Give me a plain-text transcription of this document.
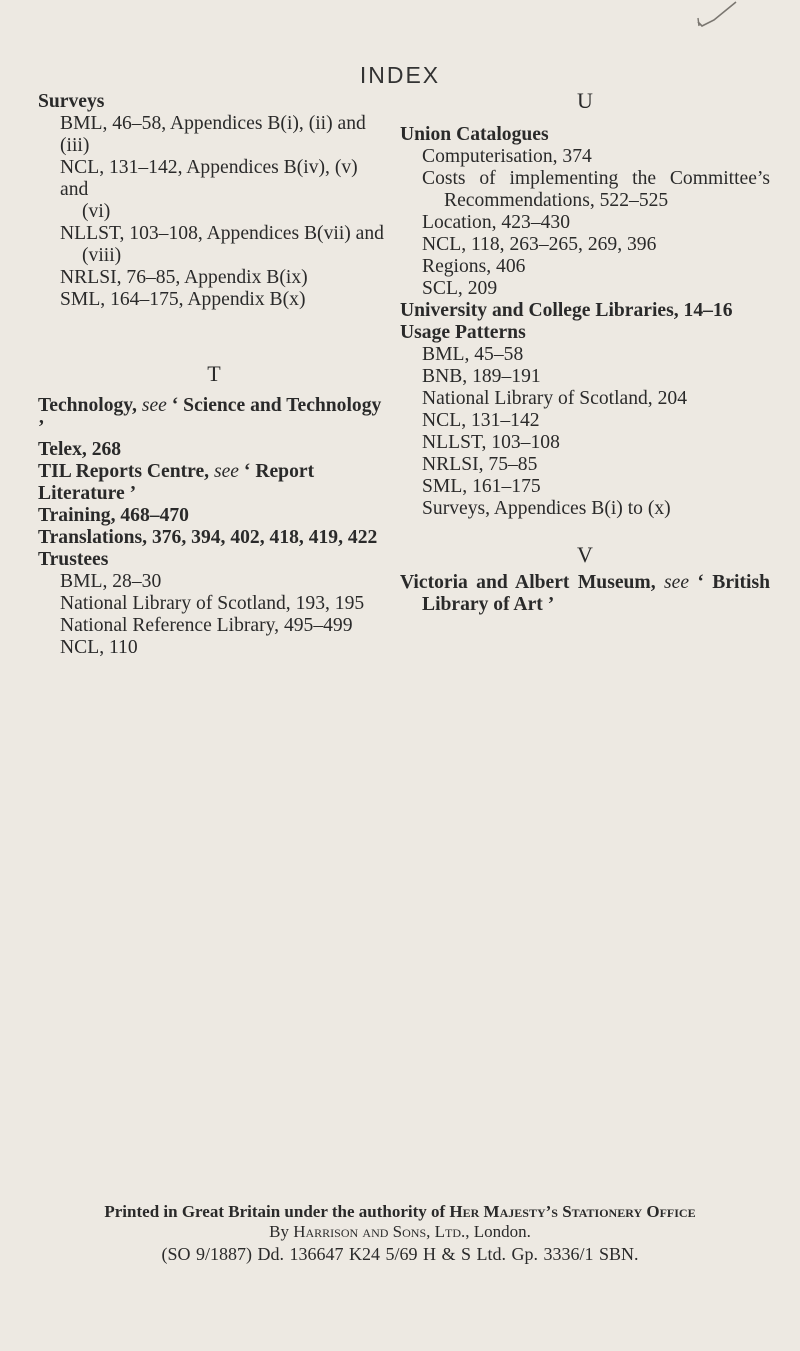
INDEX
Surveys
BML, 46–58, Appendices B(i), (ii) and (iii)
NCL, 131–142, Appendices B(iv), (v) and
(vi)
NLLST, 103–108, Appendices B(vii) and
(viii)
NRLSI, 76–85, Appendix B(ix)
SML, 164–175, Appendix B(x)
T
Technology, see ‘ Science and Technology ’
Telex, 268
TIL Reports Centre, see ‘ Report Literature ’
Training, 468–470
Translations, 376, 394, 402, 418, 419, 422
Trustees
BML, 28–30
National Library of Scotland, 193, 195
National Reference Library, 495–499
NCL, 110
U
Union Catalogues
Computerisation, 374
Costs of implementing the Committee’s
Recommendations, 522–525
Location, 423–430
NCL, 118, 263–265, 269, 396
Regions, 406
SCL, 209
University and College Libraries, 14–16
Usage Patterns
BML, 45–58
BNB, 189–191
National Library of Scotland, 204
NCL, 131–142
NLLST, 103–108
NRLSI, 75–85
SML, 161–175
Surveys, Appendices B(i) to (x)
V
Victoria and Albert Museum, see ‘ British
Library of Art ’
Printed in Great Britain under the authority of Her Majesty’s Stationery Office
By Harrison and Sons, Ltd., London.
(SO 9/1887) Dd. 136647 K24 5/69 H & S Ltd. Gp. 3336/1 SBN.
